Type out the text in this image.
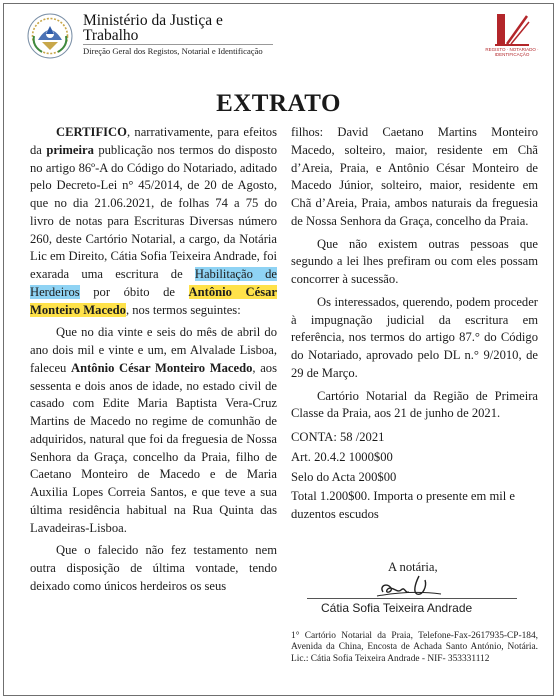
Ministério da Justiça e
Trabalho
Direção Geral dos Registos, Notarial e Identificação	REGISTO · NOTARIADO · IDENTIFICAÇÃO
EXTRATO

CERTIFICO, narrativamente, para efeitos da primeira publicação nos termos do disposto no artigo 86º-A do Código do Notariado, aditado pelo Decreto-Lei n° 45/2014, de 20 de Agosto, que no dia 21.06.2021, de folhas 74 a 75 do livro de notas para Escrituras Diversas número 260, deste Cartório Notarial, a cargo, da Notária Lic em Direito, Cátia Sofia Teixeira Andrade, foi exarada uma escritura de Habilitação de Herdeiros por óbito de Antônio César Monteiro Macedo, nos termos seguintes:

Que no dia vinte e seis do mês de abril do ano dois mil e vinte e um, em Alvalade Lisboa, faleceu Antônio César Monteiro Macedo, aos sessenta e dois anos de idade, no estado civil de casado com Edite Maria Baptista Vera-Cruz Martins de Macedo no regime de comunhão de adquiridos, natural que foi da freguesia de Nossa Senhora da Graça, concelho da Praia, filho de Caetano Monteiro de Macedo e de Maria Auxilia Lopes Correia Santos, e que teve a sua última residência habitual na Rua Quinta das Lavadeiras-Lisboa.

Que o falecido não fez testamento nem outra disposição de última vontade, tendo deixado como únicos herdeiros os seus

filhos: David Caetano Martins Monteiro Macedo, solteiro, maior, residente em Chã d’Areia, Praia, e Antônio César Monteiro de Macedo Júnior, solteiro, maior, residente em Chã d’Areia, Praia, ambos naturais da freguesia de Nossa Senhora da Graça, concelho da Praia.

Que não existem outras pessoas que segundo a lei lhes prefiram ou com eles possam concorrer à sucessão.

Os interessados, querendo, podem proceder à impugnação judicial da escritura em referência, nos termos do artigo 87.° do Código do Notariado, aprovado pelo DL n.° 9/2010, de 29 de Março.

Cartório Notarial da Região de Primeira Classe da Praia, aos 21 de junho de 2021.

CONTA: 58 /2021

Art. 20.4.2 1000$00

Selo do Acta 200$00

Total 1.200$00. Importa o presente em mil e duzentos escudos

A notária,
Cátia Sofia Teixeira Andrade
1° Cartório Notarial da Praia, Telefone-Fax-2617935-CP-184, Avenida da China, Encosta de Achada Santo António, Notária. Lic.: Cátia Sofia Teixeira Andrade - NIF- 353331112
